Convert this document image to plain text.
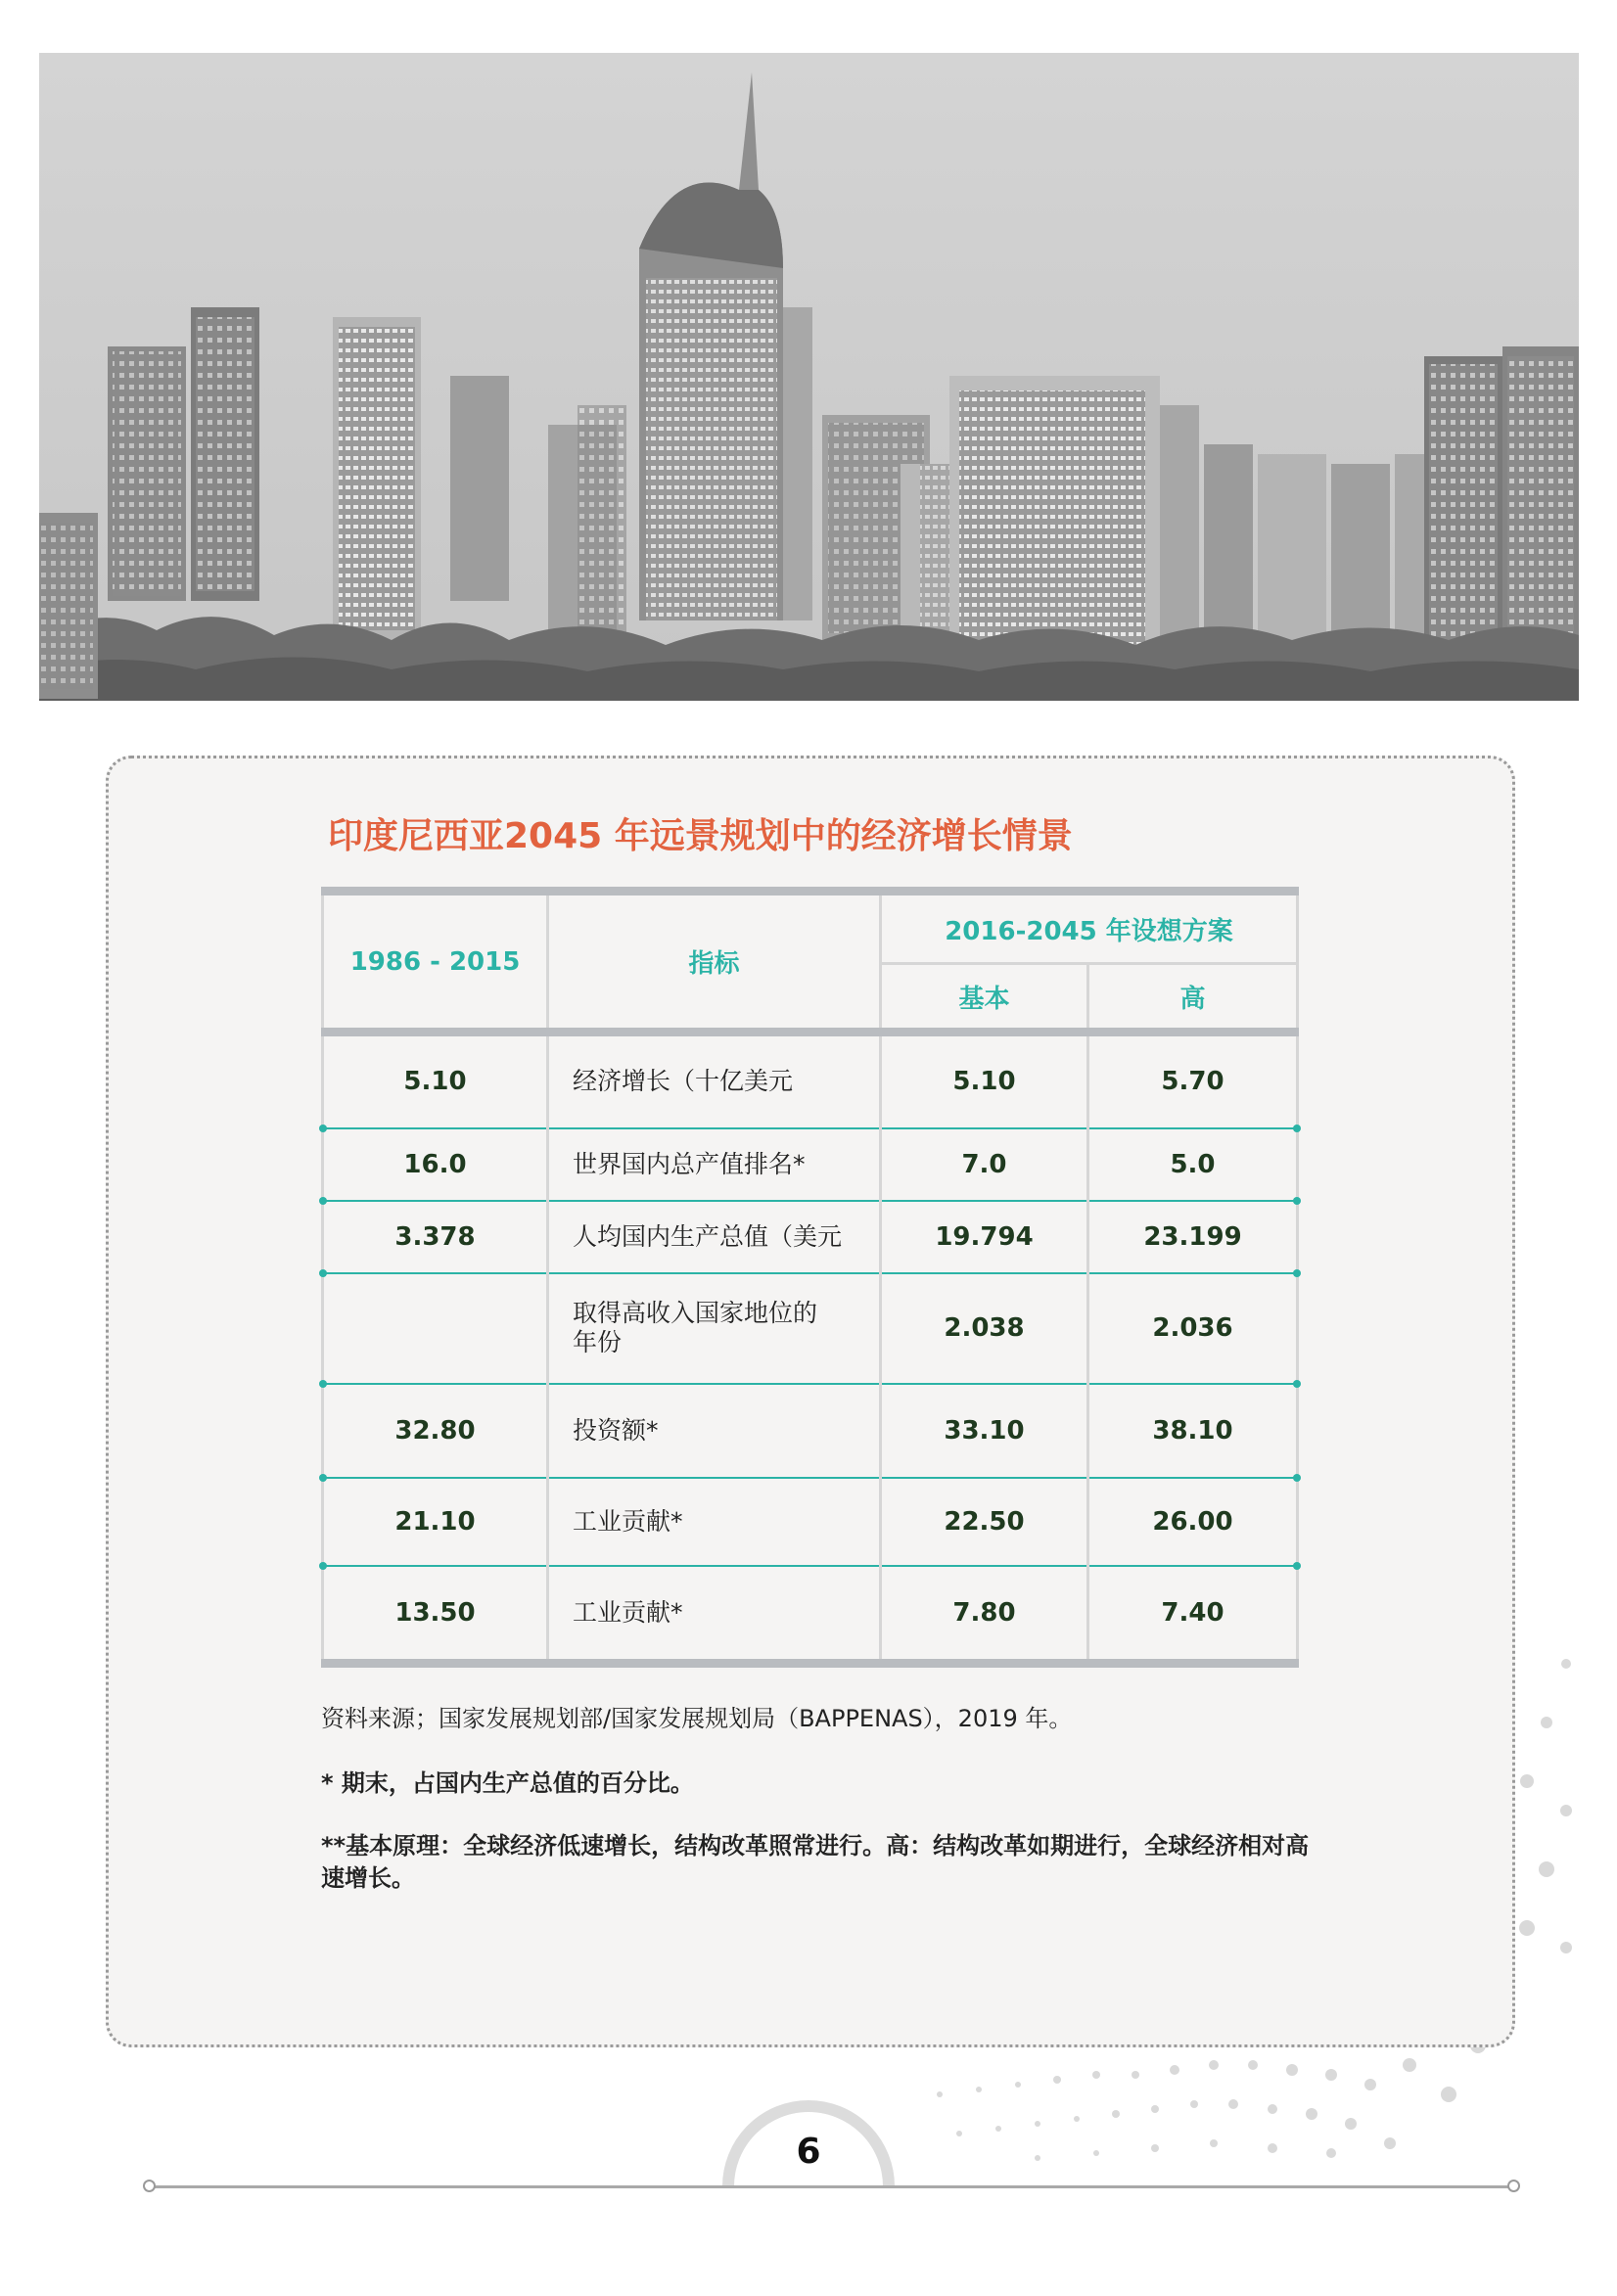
印度尼西亚2045 年远景规划中的经济增长情景
1986 - 2015	指标	2016-2045 年设想方案	
		基本	高
5.10	经济增长（十亿美元	5.10	5.70

16.0	世界国内总产值排名*	7.0	5.0

3.378	人均国内生产总值（美元	19.794	23.199

	取得高收入国家地位的年份	2.038	2.036

32.80	投资额*	33.10	38.10

21.10	工业贡献*	22.50	26.00

13.50	工业贡献*	7.80	7.40

资料来源；国家发展规划部/国家发展规划局（BAPPENAS），2019 年。

* 期末，占国内生产总值的百分比。

**基本原理：全球经济低速增长，结构改革照常进行。高：结构改革如期进行，全球经济相对高速增长。

6
